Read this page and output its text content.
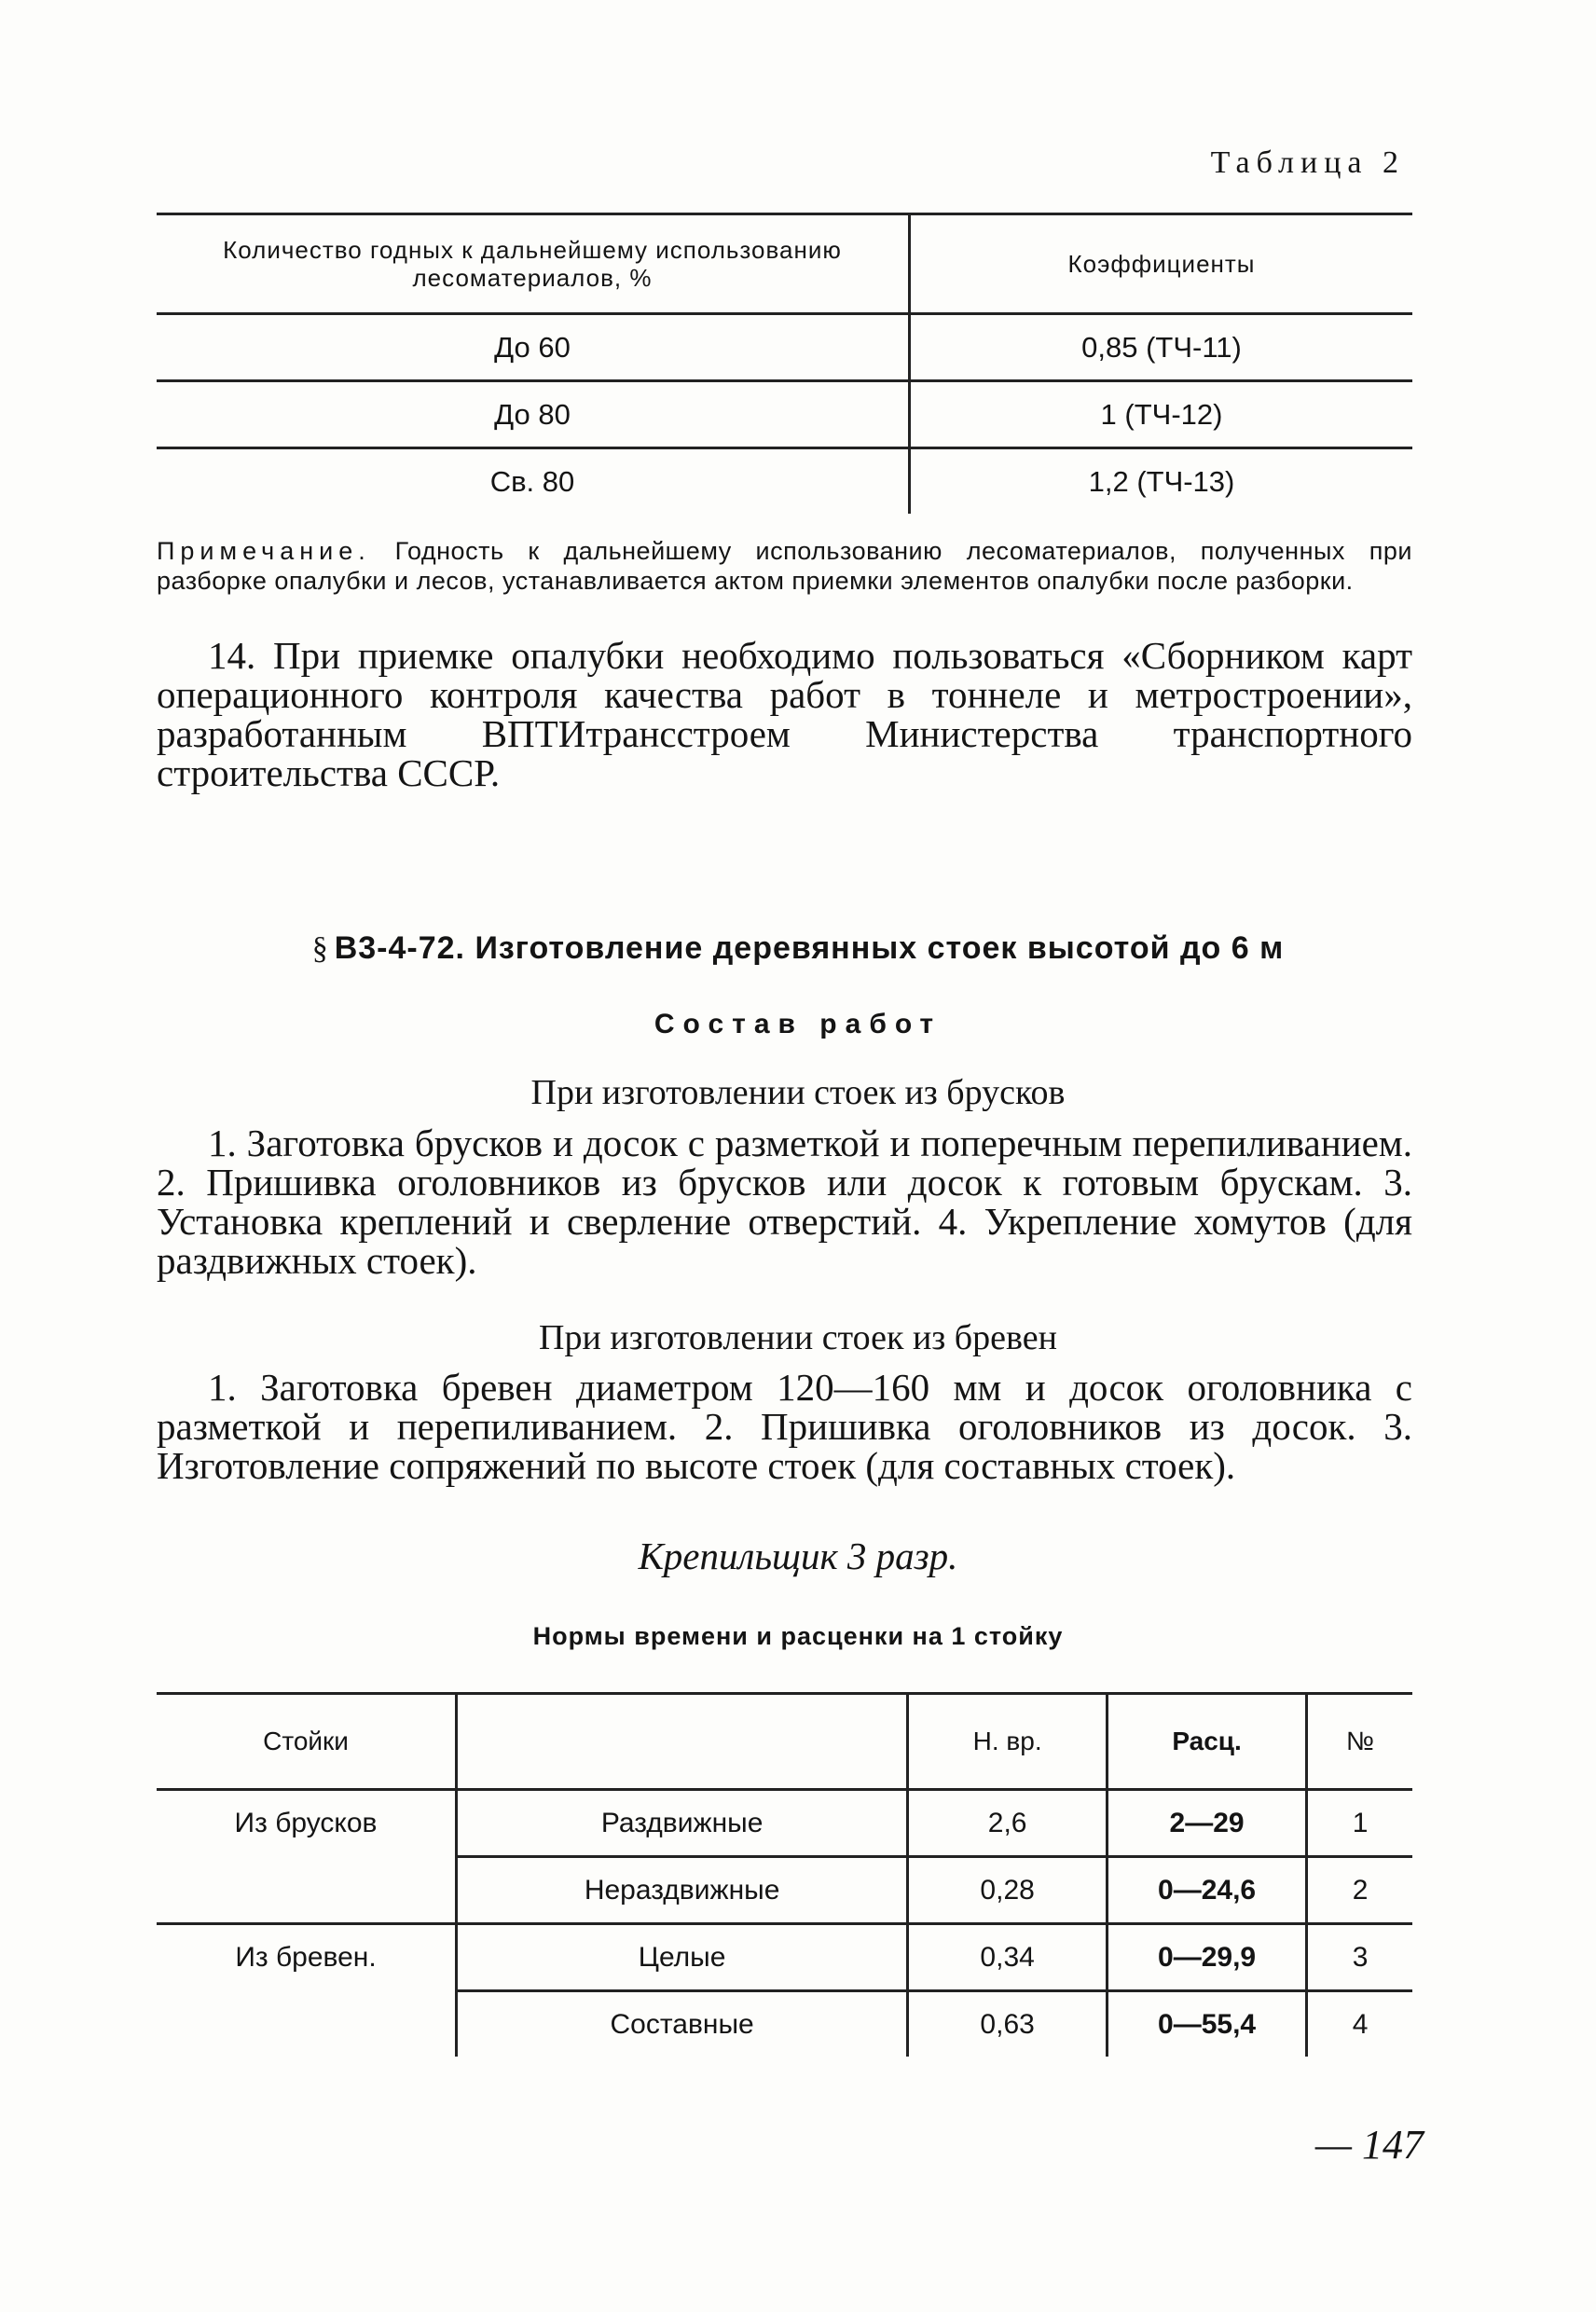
Таблица 2
Количество годных к дальнейшему использованию лесоматериалов, %	Коэффициенты
До 60	0,85 (ТЧ-11)
До 80	1 (ТЧ-12)
Св. 80	1,2 (ТЧ-13)
Примечание. Годность к дальнейшему использованию лесоматериалов, полученных при разборке опалубки и лесов, устанавливается актом приемки элементов опалубки после разборки.
14. При приемке опалубки необходимо пользоваться «Сборником карт операционного контроля качества работ в тоннеле и метростроении», разработанным ВПТИтрансстроем Министерства транспортного строительства СССР.
§ В3-4-72. Изготовление деревянных стоек высотой до 6 м
Состав работ
При изготовлении стоек из брусков
1. Заготовка брусков и досок с разметкой и поперечным перепиливанием. 2. Пришивка оголовников из брусков или досок к готовым брускам. 3. Установка креплений и сверление отверстий. 4. Укрепление хомутов (для раздвижных стоек).
При изготовлении стоек из бревен
1. Заготовка бревен диаметром 120—160 мм и досок оголовника с разметкой и перепиливанием. 2. Пришивка оголовников из досок. 3. Изготовление сопряжений по высоте стоек (для составных стоек).
Крепильщик 3 разр.
Нормы времени и расценки на 1 стойку
Стойки		Н. вр.	Расц.	№
Из брусков	Раздвижные	2,6	2—29	1
	Нераздвижные	0,28	0—24,6	2
Из бревен.	Целые	0,34	0—29,9	3
	Составные	0,63	0—55,4	4
— 147
